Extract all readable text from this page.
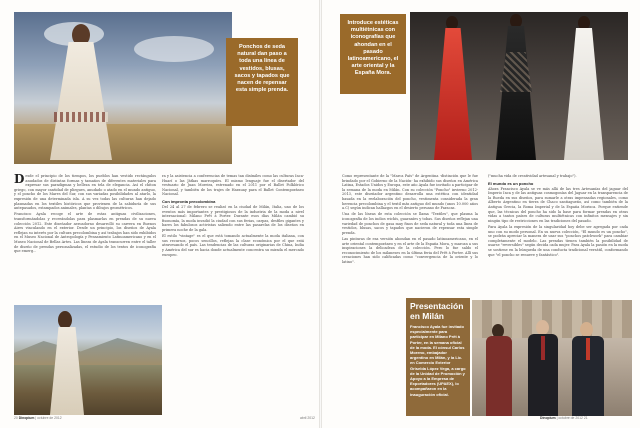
Ponchos de seda natural dan paso a toda una línea de vestidos, blusas, sacos y tapados que nacen de repensar esta simple prenda.

Desde el principio de los tiempos, los pueblos han vestido rectángulos anudados de distintas formas y tamaños de diferentes materiales para expresar sus paradigmas y belleza en tela de elegancia. Así el chiton griego, con mayor cantidad de pliegues, anudado o atado en el mundo antiguo, y el poncho de los Mares del Sur, con sus variadas posibilidades al atarlo, la expresión de una determinada isla. A su vez todas las culturas han dejado plasmadas en los textiles históricos que provienen de la sabiduría de sus antepasados, estampados animales, plantas o dibujos geométricos.

Francisco Ayala recoge el arte de estas antiguas civilizaciones, transformándolas y recreándolas para plasmarlas en prendas de su nueva colección 2012. Este diseñador aeroadorno desarrolló su carrera en Buenos Aires vinculando en el exterior. Desde un principio, los diseños de Ayala reflejan su interés por la cultura precolombina y así trabajos han sido exhibidos en el Museo Nacional de Antropología y Pensamiento Latinoamericano y en el Museo Nacional de Bellas Artes. Las líneas de Ayala transcurren entre el taller de diseño de prendas personalizadas, el estudio de los textos de iconografía que emerg...

ra y la asistencia a conferencias de temas tan disímiles como las culturas Inca-Huarí o las Játkas marroquíes. El mismo lenguaje fue el disertador del vestuario de Juan Moreira, estrenado en el 2011 por el Ballet Folklórico Nacional, y también de los trajes de Harauay para el Ballet Contemporáneo Nacional.

Con impronta precolombina

Del 24 al 27 de febrero se realizó en la ciudad de Milán, Italia, uno de los eventos más importantes y prestigiosos de la industria de la moda a nivel internacional: Milano Prêt à Porter. Durante esos días Milán cambió su fisonomía, la moda invadió la ciudad con sus ferias, carpas, desfiles gigantes y bares los fabulosos activistas saliendo entre las pasarelas de los diseños en primera noche de la gala.

El estilo "vintage" es el que está tomando actualmente la moda italiana, con sus recursos, pocos sencillos, reflejan la clase económica por el que está atravesando el país. Las tendencias de las culturas originarias de China, India y América del sur es hacia donde actualmente concentra su mirada el mercado europeo.

20 Dinopium | octubre de 2012	abril 2012
Introduce estéticas multiétnicas con iconografías que ahondan en el pasado latinoamericano, el arte oriental y la España Mora.

Como representante de la "Marca País" de Argentina -distinción que le fue brindado por el Gobierno de la Nación- ha exhibido sus diseños en América Latina, Estados Unidos y Europa, este año Ayala fue invitado a participar de la semana de la moda en Milán. Con su colección "Poncho" invierno 2012-2013, este diseñador argentino desarrolla una estética con identidad basada en la reelaboración del poncho, vestimenta considerada la gran herencia precolombina y el textil más antiguo del mundo (unos 10.000 años a.C) según indican hallazgos en el desierto peruano de Paracas.

Una de las líneas de esta colección se llama "Textiles", que plasma la iconografía de los indios wichís, guaraníes y tobas. Sus diseños reflejan una variedad de ponchos de gasa muy finos de seda natural y toda una línea de vestidos, blusas, sacos y tapados que nacieron de repensar esta simple prenda.

Las pinturas de esa versión ahondan en el pasado latinoamericano, en el arte oriental contemporáneo y en el arte de la España Mora, y marcan a sus inspiraciones la delicadeza de la colección. Pero lo fue saldo el reconocimiento de los milaneses en la última feria del Prêt à Porter. Allí sus creaciones han sido calificadas como "convergencia de la oriente y lo latino".

("mucha vida de creatividad artesanal y trabajo").

El mundo es un poncho

Ahora Francisco Ayala se ve más allá de las tres Artesanías del jaguar del Imperio Inca y de las antiguas cosmogonías del Jaguar en la transparencia de la Rueda en sus diseños, para sumarle a otras impensadas regionales, como Alberto Argentino en tierra de Chaco santiagueño, así como también de la Antigua Grecia, la Roma Imperial y de la España Morisca. Porque entiende que, las técnicas del poncho ha sido la base para formar prendas en otras vidas a tantos países de culturas multiétnicas con infinitos mensajes y sin ningún tipo de restricciones en las tradiciones del pasado.

Para Ayala la expresión de la singularidad hoy debe ser agregada por cada uno con su modo personal. En su nueva colección, "El mundo es un poncho", se podrán apreciar la manera de usar sus "ponchos patchwork" para cambiar completamente el modelo. Las prendas tienen también la posibilidad de usarse "reversibles" según decida cada mujer. Para Ayala la pasión en la moda se sostiene en la búsqueda de una conducta tradicional versátil, conformando que "el poncho se renueve y fantástico".

Presentación en Milán
Francisco Ayala fue invitado especialmente para participar en Milano Prêt à Porter, en la semana oficial de la moda. El cónsul Carlos Moreno, embajador argentino en Milán, y la Lic. en Comercio Exterior Griselda López Vega, a cargo de la Unidad de Promoción y Apoyo a la Empresa de Exportadores (UPAEX), lo acompañaron en la inauguración oficial.
Dinopium | octubre de 2012 21
